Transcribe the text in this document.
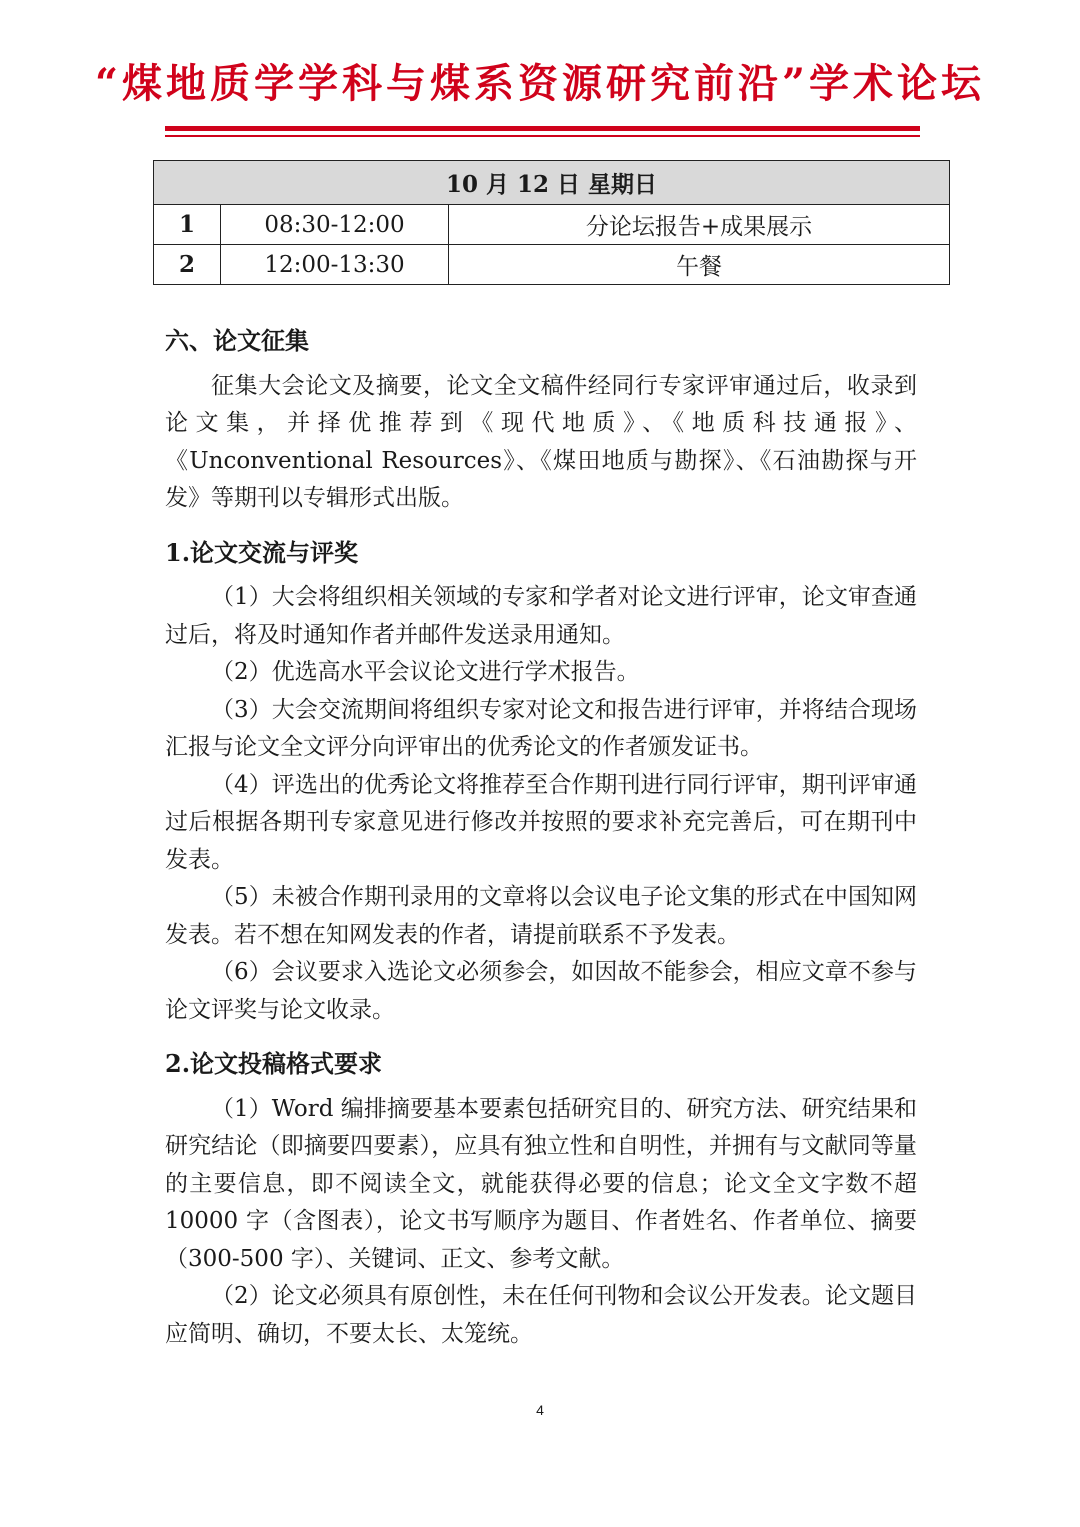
“煤地质学学科与煤系资源研究前沿”学术论坛
10 月 12 日 星期日		
1	08:30-12:00	分论坛报告+成果展示
2	12:00-13:30	午餐
六、论文征集

征集大会论文及摘要，论文全文稿件经同行专家评审通过后，收录到论文集，并择优推荐到《现代地质》、《地质科技通报》、《Unconventional Resources》、《煤田地质与勘探》、《石油勘探与开发》等期刊以专辑形式出版。

1.论文交流与评奖

（1）大会将组织相关领域的专家和学者对论文进行评审，论文审查通过后，将及时通知作者并邮件发送录用通知。

（2）优选高水平会议论文进行学术报告。

（3）大会交流期间将组织专家对论文和报告进行评审，并将结合现场汇报与论文全文评分向评审出的优秀论文的作者颁发证书。

（4）评选出的优秀论文将推荐至合作期刊进行同行评审，期刊评审通过后根据各期刊专家意见进行修改并按照的要求补充完善后，可在期刊中发表。

（5）未被合作期刊录用的文章将以会议电子论文集的形式在中国知网发表。若不想在知网发表的作者，请提前联系不予发表。

（6）会议要求入选论文必须参会，如因故不能参会，相应文章不参与论文评奖与论文收录。

2.论文投稿格式要求

（1）Word 编排摘要基本要素包括研究目的、研究方法、研究结果和研究结论（即摘要四要素），应具有独立性和自明性，并拥有与文献同等量的主要信息，即不阅读全文，就能获得必要的信息；论文全文字数不超 10000 字（含图表），论文书写顺序为题目、作者姓名、作者单位、摘要（300-500 字）、关键词、正文、参考文献。

（2）论文必须具有原创性，未在任何刊物和会议公开发表。论文题目应简明、确切，不要太长、太笼统。

4
